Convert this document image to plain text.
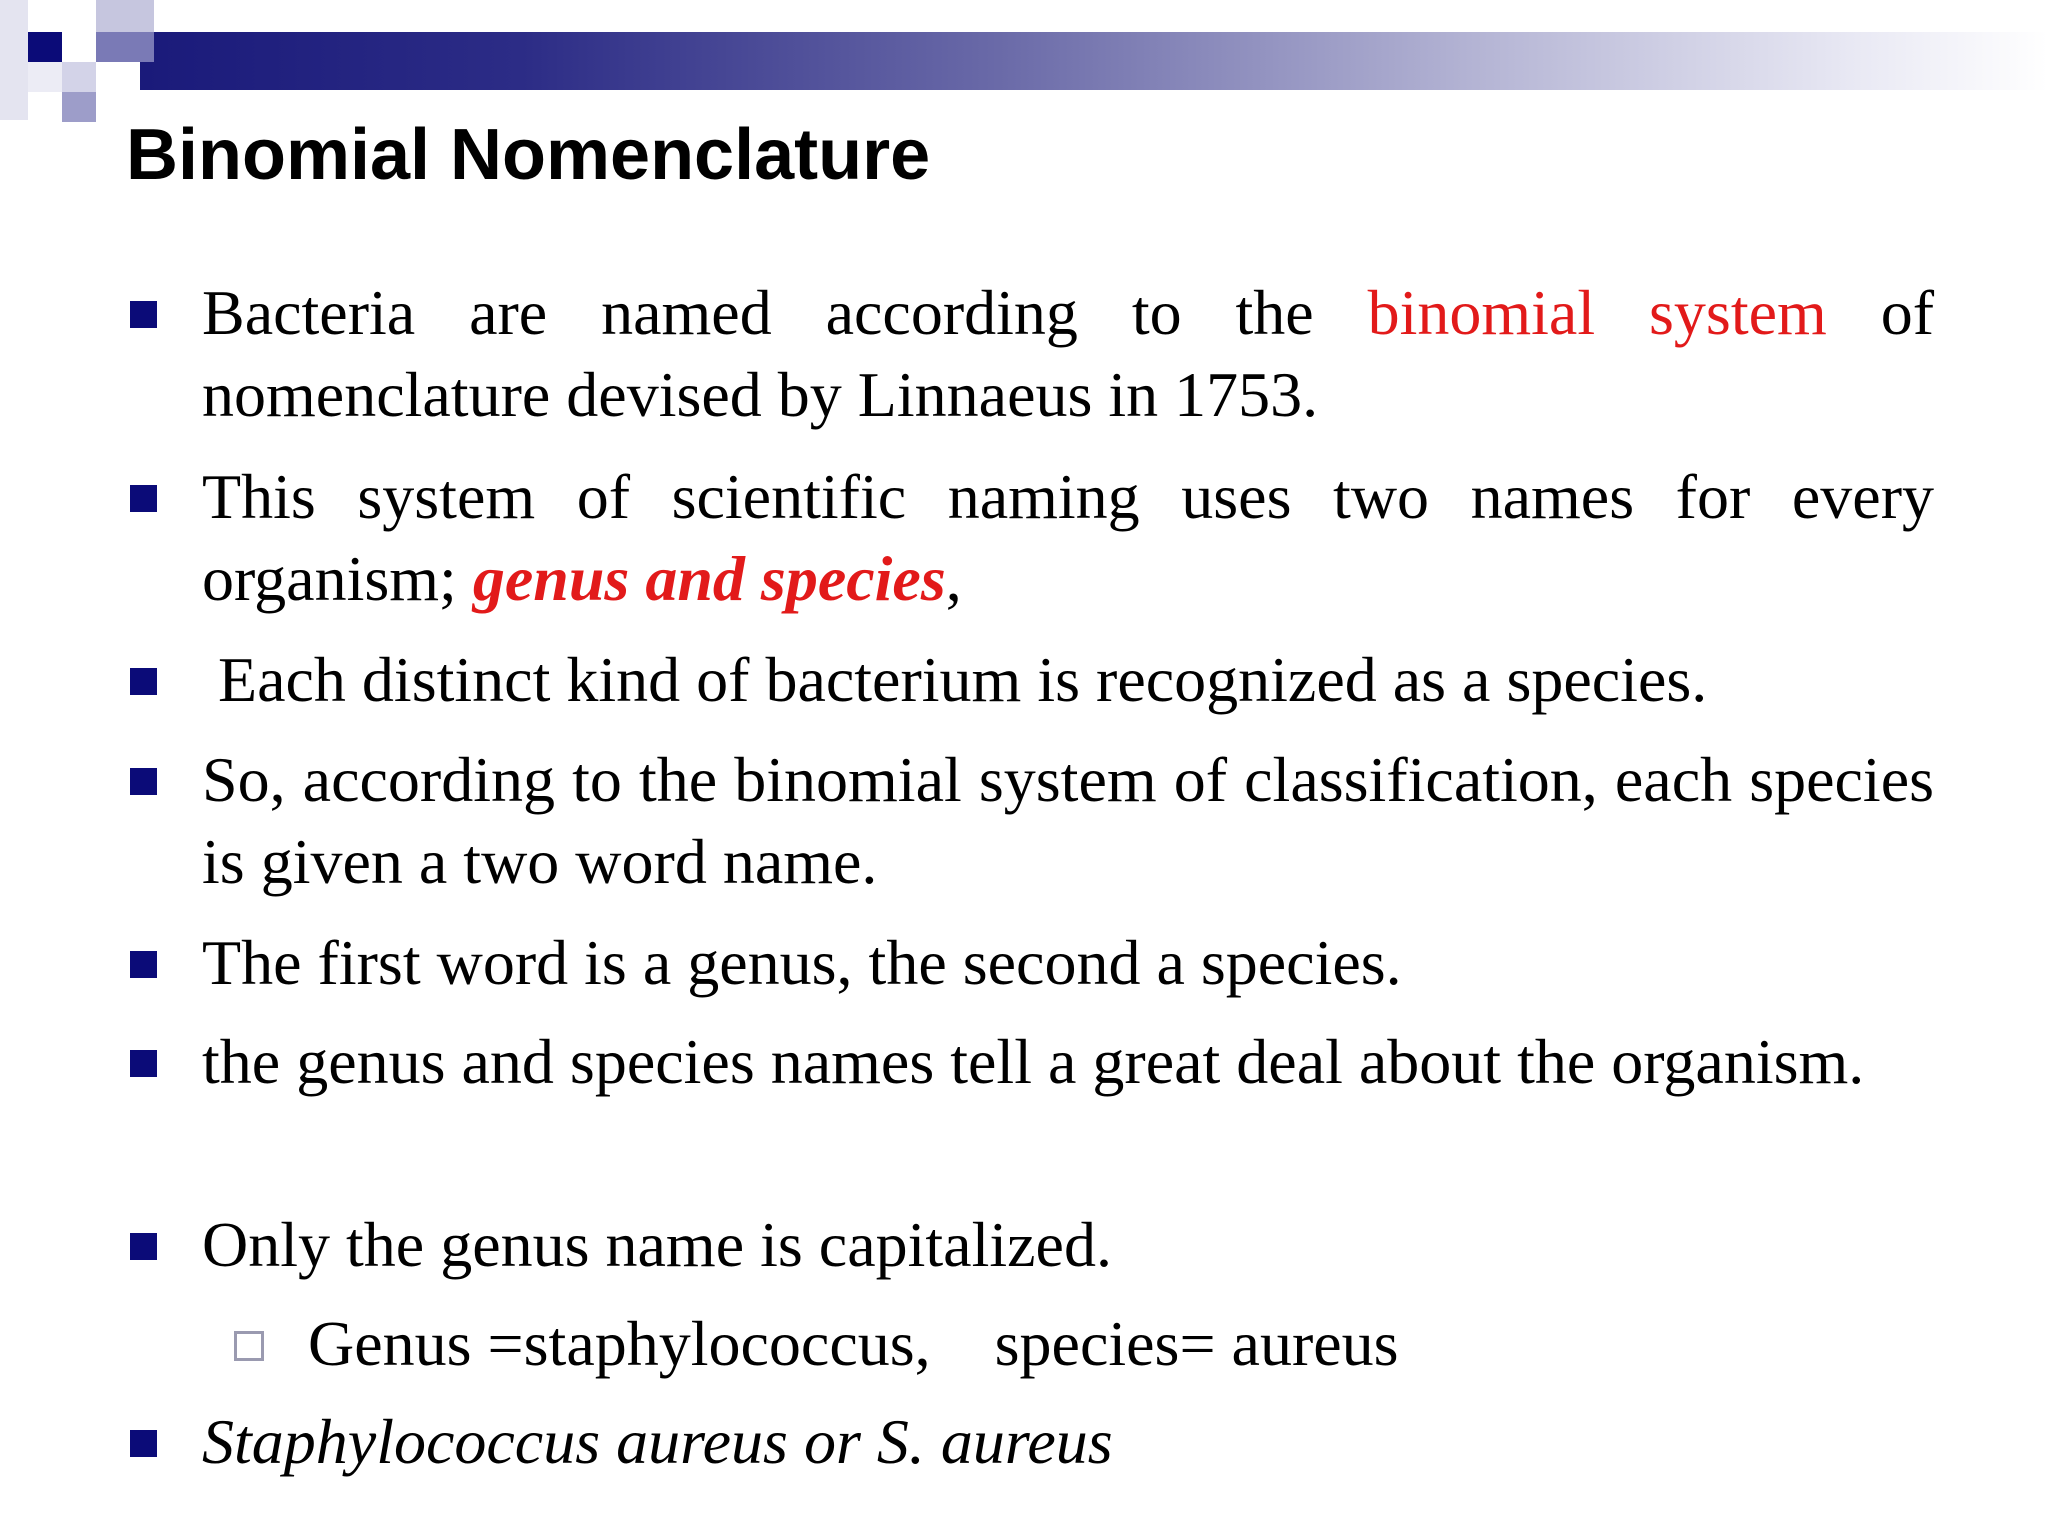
Binomial Nomenclature
Bacteria are named according to the binomial system of nomenclature devised by Linnaeus in 1753.
This system of scientific naming uses two names for every organism; genus and species,
Each distinct kind of bacterium is recognized as a species.
So, according to the binomial system of classification, each species is given a two word name.
The first word is a genus, the second a species.
the genus and species names tell a great deal about the organism.
Only the genus name is capitalized.
Genus =staphylococcus,    species= aureus
Staphylococcus aureus or S. aureus
